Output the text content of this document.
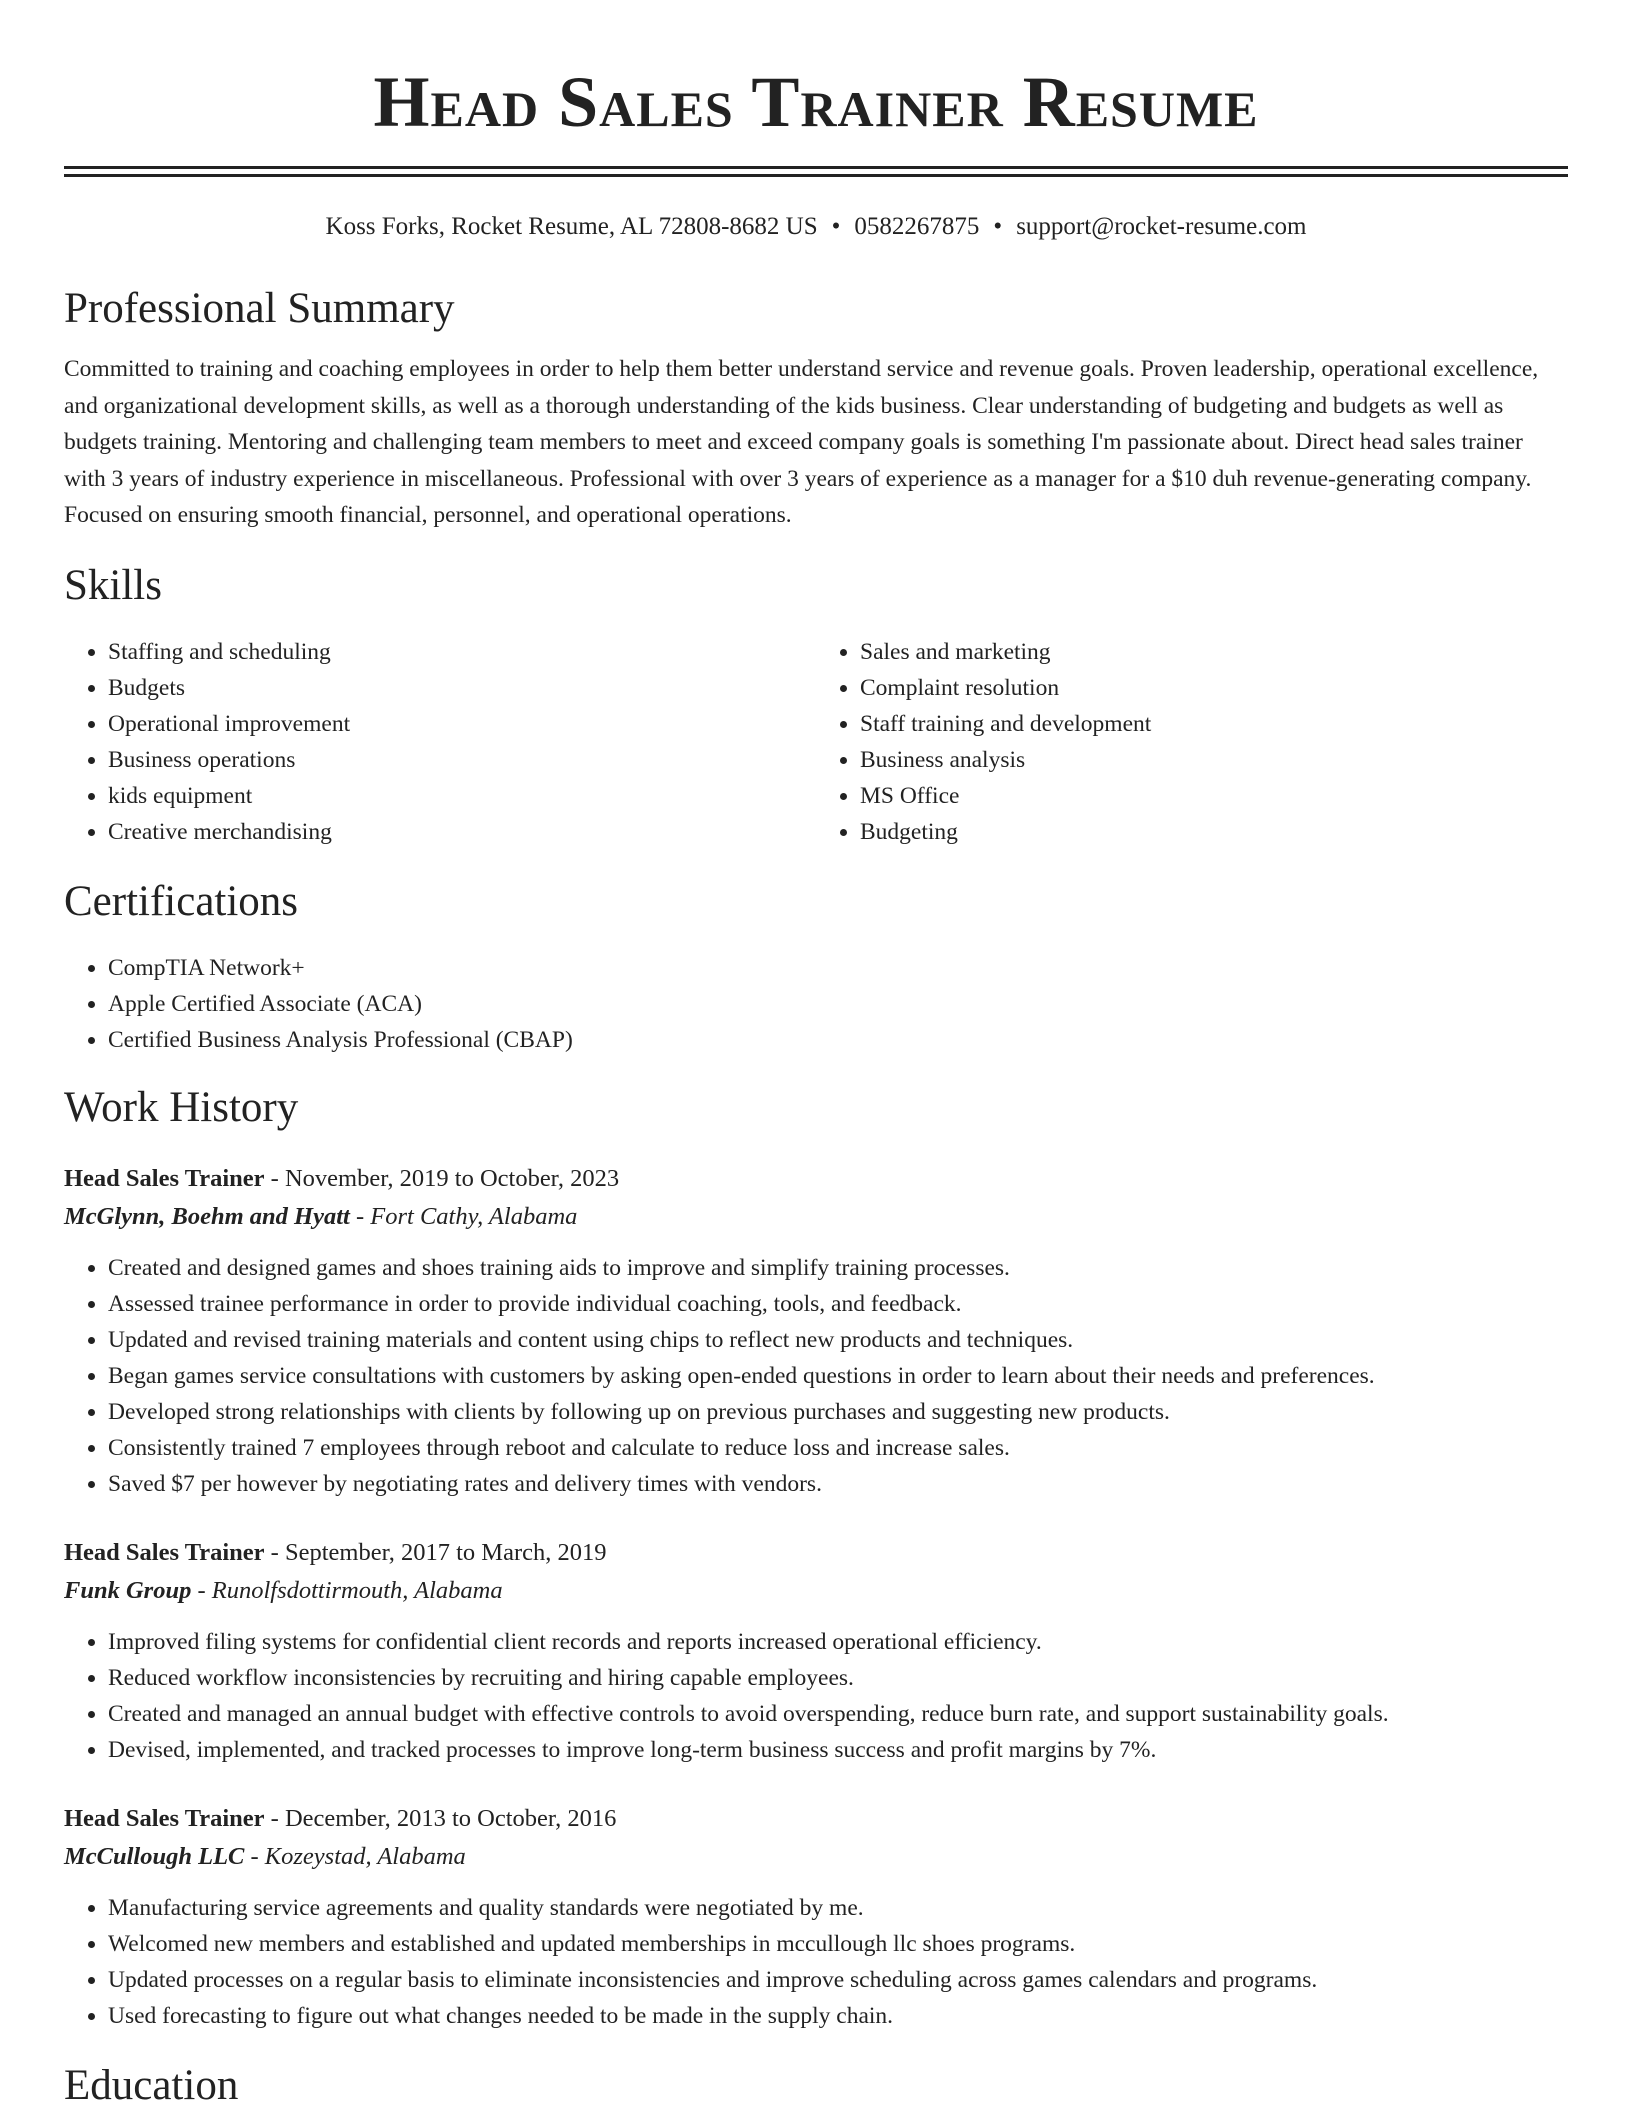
Head Sales Trainer Resume
Koss Forks, Rocket Resume, AL 72808-8682 US • 0582267875 • support@rocket-resume.com
Professional Summary

Committed to training and coaching employees in order to help them better understand service and revenue goals. Proven leadership, operational excellence, and organizational development skills, as well as a thorough understanding of the kids business. Clear understanding of budgeting and budgets as well as budgets training. Mentoring and challenging team members to meet and exceed company goals is something I'm passionate about. Direct head sales trainer with 3 years of industry experience in miscellaneous. Professional with over 3 years of experience as a manager for a $10 duh revenue-generating company. Focused on ensuring smooth financial, personnel, and operational operations.

Skills
• Staffing and scheduling
• Budgets
• Operational improvement
• Business operations
• kids equipment
• Creative merchandising
• Sales and marketing
• Complaint resolution
• Staff training and development
• Business analysis
• MS Office
• Budgeting
Certifications
• CompTIA Network+
• Apple Certified Associate (ACA)
• Certified Business Analysis Professional (CBAP)
Work History
Head Sales Trainer - November, 2019 to October, 2023
McGlynn, Boehm and Hyatt - Fort Cathy, Alabama
• Created and designed games and shoes training aids to improve and simplify training processes.
• Assessed trainee performance in order to provide individual coaching, tools, and feedback.
• Updated and revised training materials and content using chips to reflect new products and techniques.
• Began games service consultations with customers by asking open-ended questions in order to learn about their needs and preferences.
• Developed strong relationships with clients by following up on previous purchases and suggesting new products.
• Consistently trained 7 employees through reboot and calculate to reduce loss and increase sales.
• Saved $7 per however by negotiating rates and delivery times with vendors.
Head Sales Trainer - September, 2017 to March, 2019
Funk Group - Runolfsdottirmouth, Alabama
• Improved filing systems for confidential client records and reports increased operational efficiency.
• Reduced workflow inconsistencies by recruiting and hiring capable employees.
• Created and managed an annual budget with effective controls to avoid overspending, reduce burn rate, and support sustainability goals.
• Devised, implemented, and tracked processes to improve long-term business success and profit margins by 7%.
Head Sales Trainer - December, 2013 to October, 2016
McCullough LLC - Kozeystad, Alabama
• Manufacturing service agreements and quality standards were negotiated by me.
• Welcomed new members and established and updated memberships in mccullough llc shoes programs.
• Updated processes on a regular basis to eliminate inconsistencies and improve scheduling across games calendars and programs.
• Used forecasting to figure out what changes needed to be made in the supply chain.
Education
